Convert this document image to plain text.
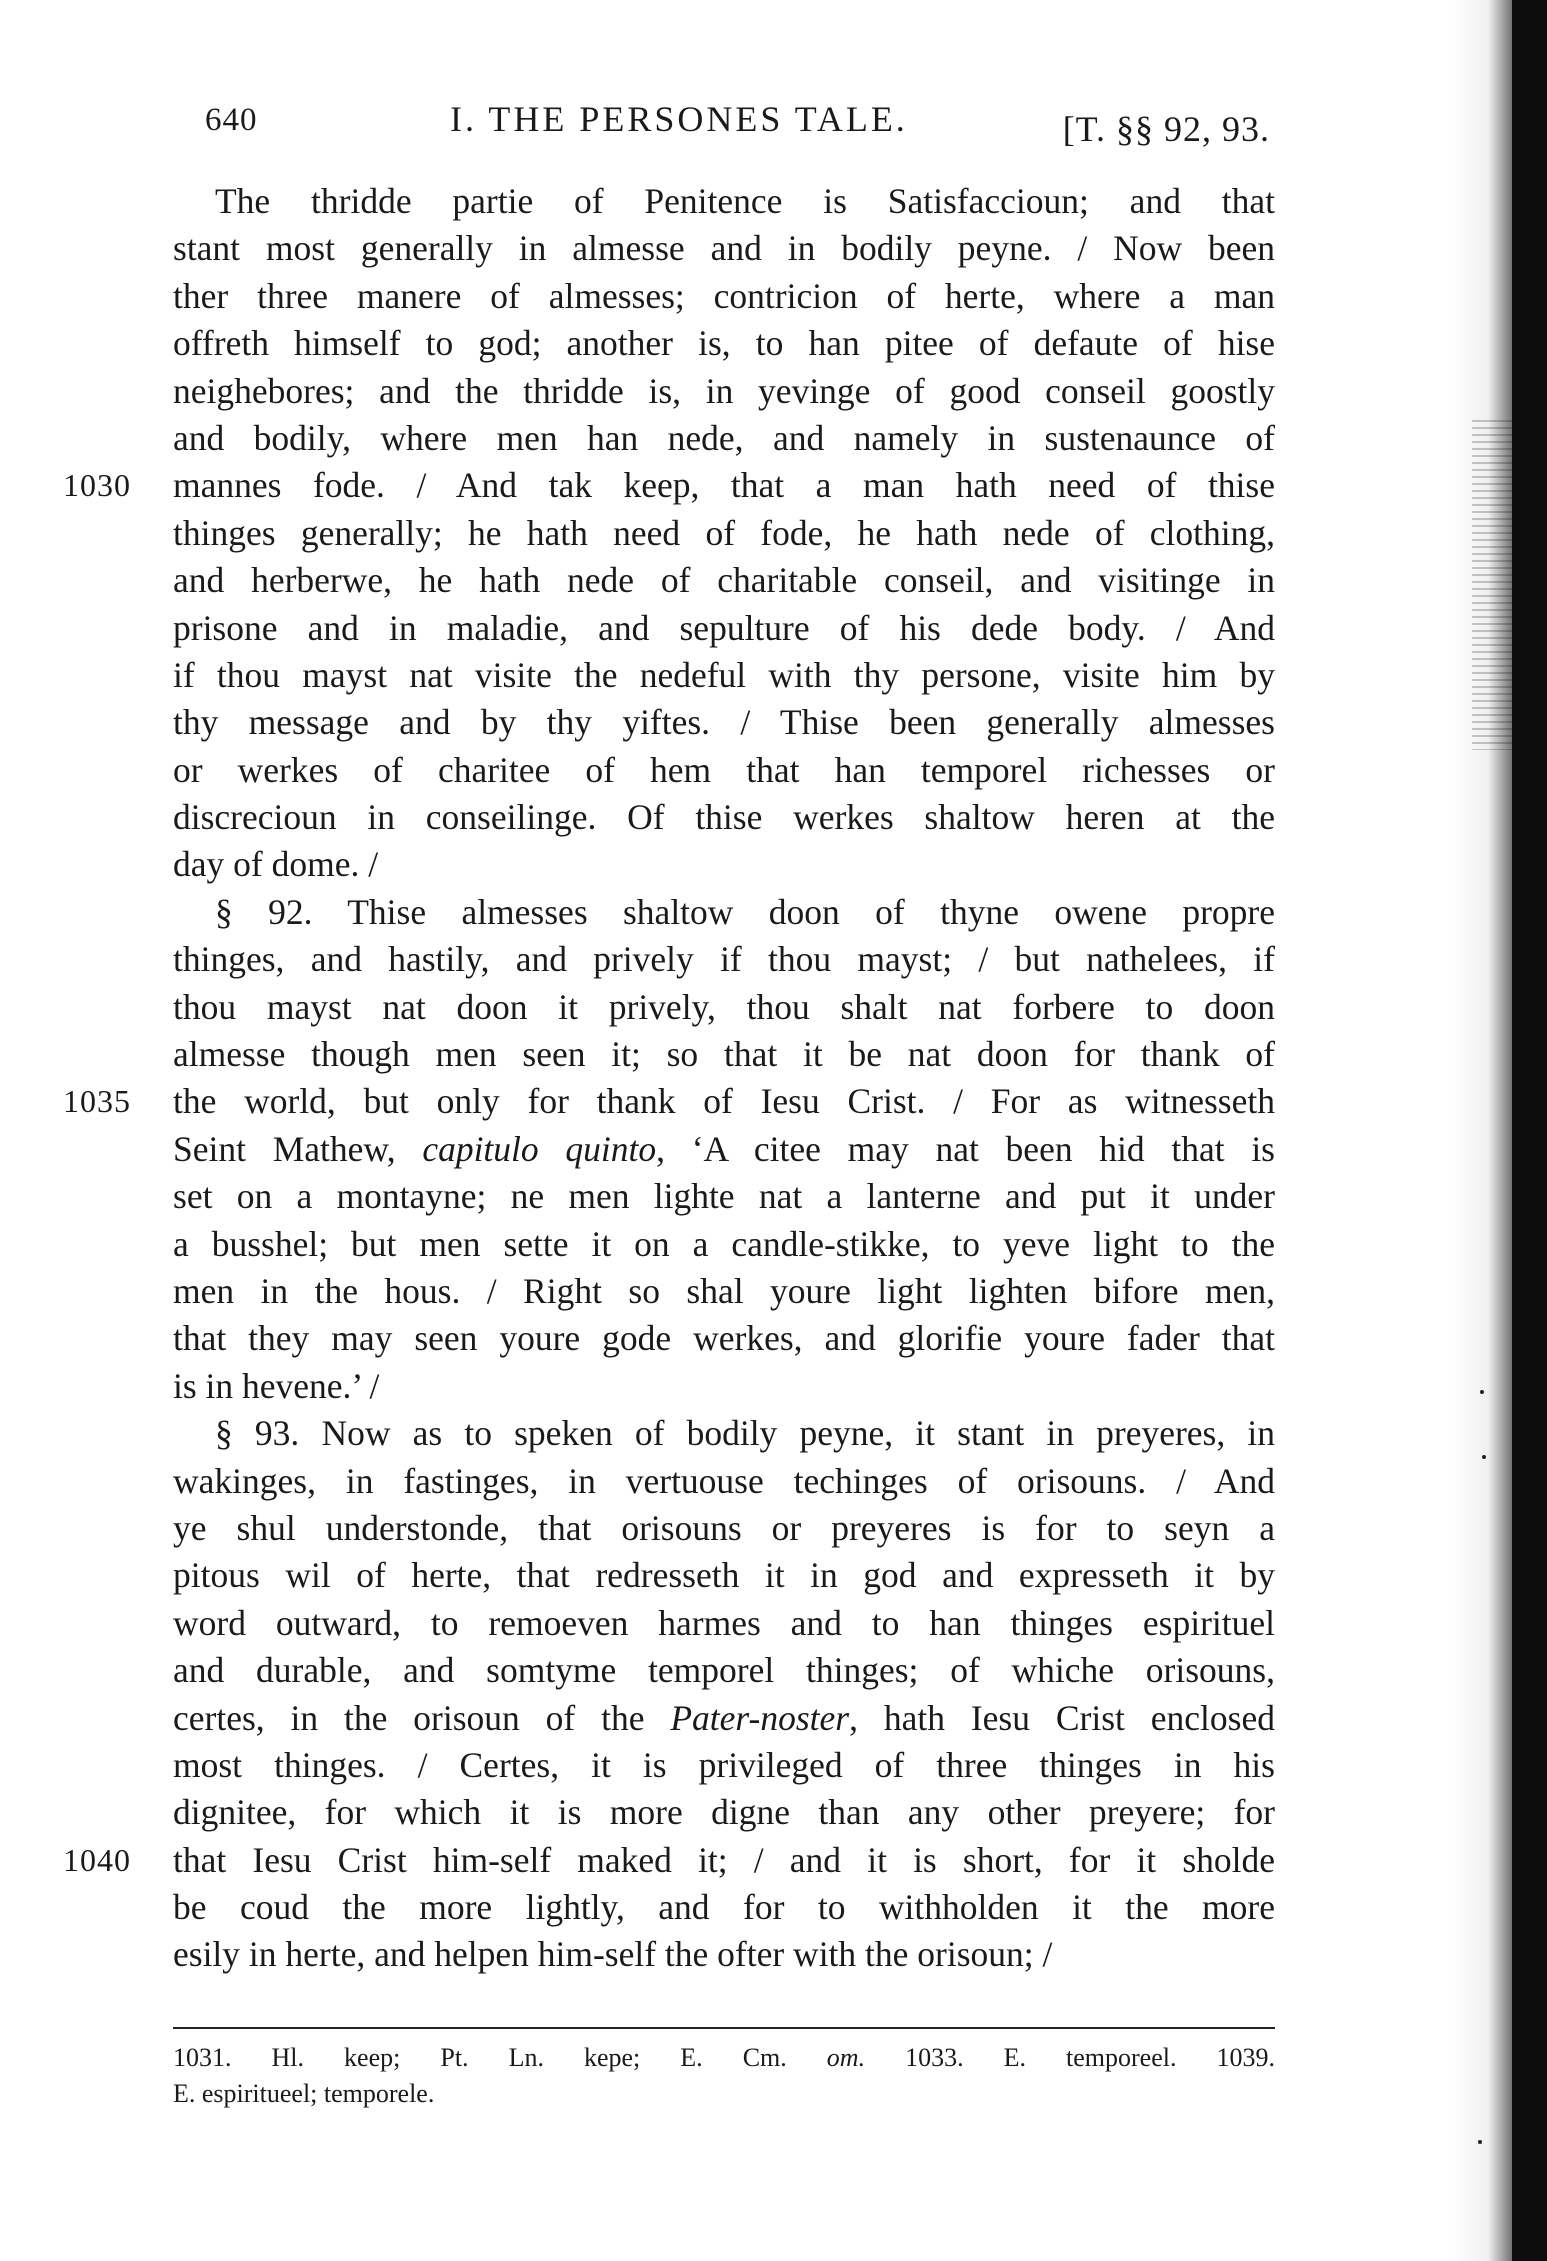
640	I. THE PERSONES TALE.	[T. §§ 92, 93.
The thridde partie of Penitence is Satisfaccioun; and that
stant most generally in almesse and in bodily peyne. / Now been
ther three manere of almesses; contricion of herte, where a man
offreth himself to god; another is, to han pitee of defaute of hise
neighebores; and the thridde is, in yevinge of good conseil goostly
and bodily, where men han nede, and namely in sustenaunce of
1030	mannes fode. / And tak keep, that a man hath need of thise
thinges generally; he hath need of fode, he hath nede of clothing,
and herberwe, he hath nede of charitable conseil, and visitinge in
prisone and in maladie, and sepulture of his dede body. / And
if thou mayst nat visite the nedeful with thy persone, visite him by
thy message and by thy yiftes. / Thise been generally almesses
or werkes of charitee of hem that han temporel richesses or
discrecioun in conseilinge. Of thise werkes shaltow heren at the
day of dome. /
§ 92. Thise almesses shaltow doon of thyne owene propre
thinges, and hastily, and prively if thou mayst; / but nathelees, if
thou mayst nat doon it prively, thou shalt nat forbere to doon
almesse though men seen it; so that it be nat doon for thank of
1035	the world, but only for thank of Iesu Crist. / For as witnesseth
Seint Mathew, capitulo quinto, ‘A citee may nat been hid that is
set on a montayne; ne men lighte nat a lanterne and put it under
a busshel; but men sette it on a candle-stikke, to yeve light to the
men in the hous. / Right so shal youre light lighten bifore men,
that they may seen youre gode werkes, and glorifie youre fader that
is in hevene.’ /
§ 93. Now as to speken of bodily peyne, it stant in preyeres, in
wakinges, in fastinges, in vertuouse techinges of orisouns. / And
ye shul understonde, that orisouns or preyeres is for to seyn a
pitous wil of herte, that redresseth it in god and expresseth it by
word outward, to remoeven harmes and to han thinges espirituel
and durable, and somtyme temporel thinges; of whiche orisouns,
certes, in the orisoun of the Pater-noster, hath Iesu Crist enclosed
most thinges. / Certes, it is privileged of three thinges in his
dignitee, for which it is more digne than any other preyere; for
1040	that Iesu Crist him-self maked it; / and it is short, for it sholde
be coud the more lightly, and for to withholden it the more
esily in herte, and helpen him-self the ofter with the orisoun; /
1031. Hl. keep; Pt. Ln. kepe; E. Cm. om. 1033. E. temporeel. 1039.
E. espiritueel; temporele.
